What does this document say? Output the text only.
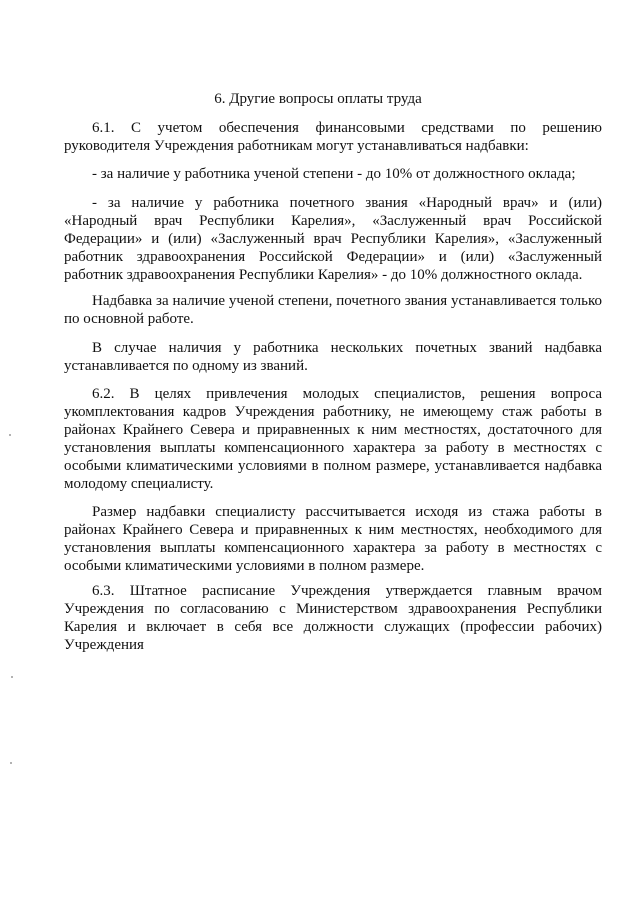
6. Другие вопросы оплаты труда

6.1. С учетом обеспечения финансовыми средствами по решению руководителя Учреждения работникам могут устанавливаться надбавки:

- за наличие у работника ученой степени - до 10% от должностного оклада;

- за наличие у работника почетного звания «Народный врач» и (или) «Народный врач Республики Карелия», «Заслуженный врач Российской Федерации» и (или) «Заслуженный врач Республики Карелия», «Заслуженный работник здравоохранения Российской Федерации» и (или) «Заслуженный работник здравоохранения Республики Карелия» - до 10% должностного оклада.

Надбавка за наличие ученой степени, почетного звания устанавливается только по основной работе.

В случае наличия у работника нескольких почетных званий надбавка устанавливается по одному из званий.

6.2. В целях привлечения молодых специалистов, решения вопроса укомплектования кадров Учреждения работнику, не имеющему стаж работы в районах Крайнего Севера и приравненных к ним местностях, достаточного для установления выплаты компенсационного характера за работу в местностях с особыми климатическими условиями в полном размере, устанавливается надбавка молодому специалисту.

Размер надбавки специалисту рассчитывается исходя из стажа работы в районах Крайнего Севера и приравненных к ним местностях, необходимого для установления выплаты компенсационного характера за работу в местностях с особыми климатическими условиями в полном размере.

6.3. Штатное расписание Учреждения утверждается главным врачом Учреждения по согласованию с Министерством здравоохранения Республики Карелия и включает в себя все должности служащих (профессии рабочих) Учреждения
